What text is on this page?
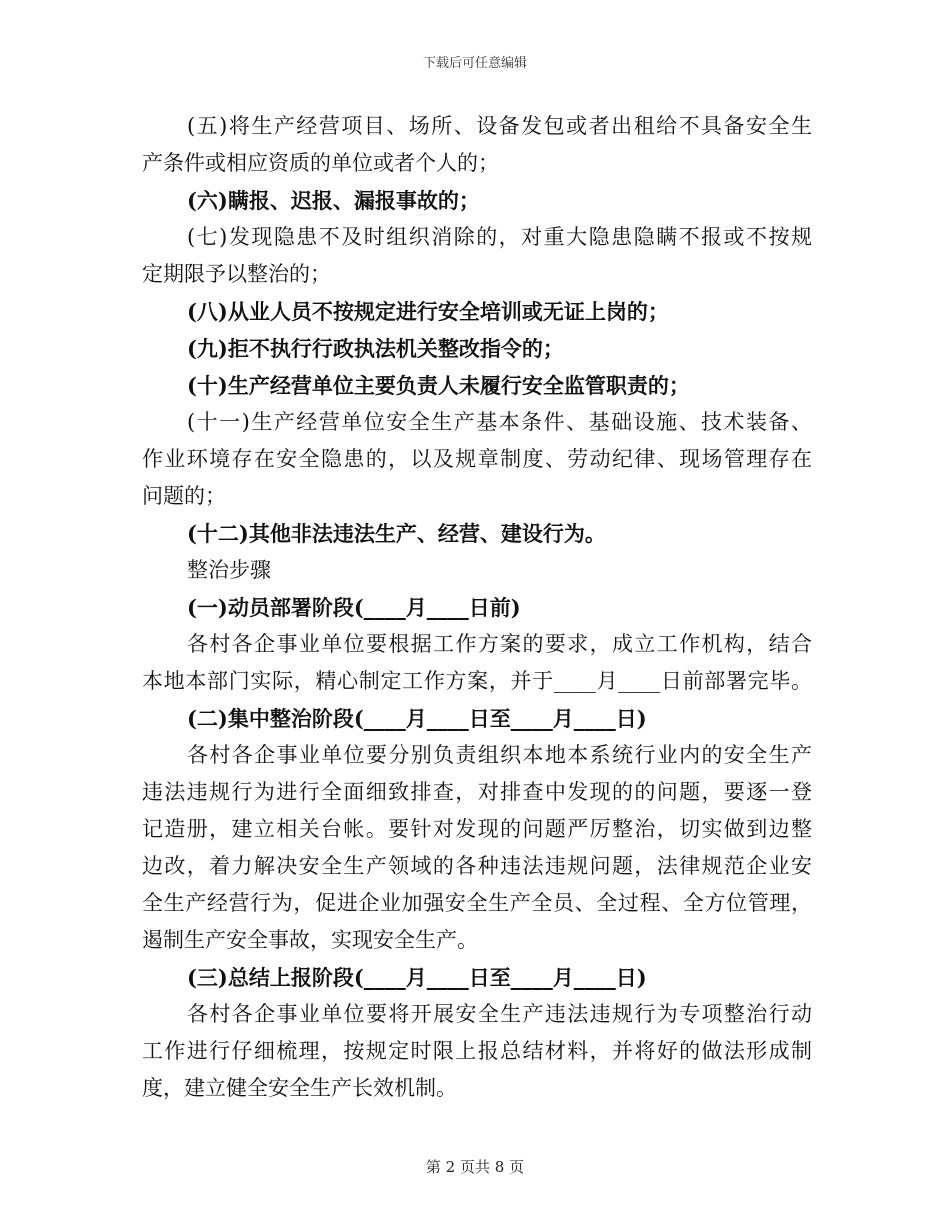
下载后可任意编辑
(五)将生产经营项目、场所、设备发包或者出租给不具备安全生
产条件或相应资质的单位或者个人的；
(六)瞒报、迟报、漏报事故的；
(七)发现隐患不及时组织消除的，对重大隐患隐瞒不报或不按规
定期限予以整治的；
(八)从业人员不按规定进行安全培训或无证上岗的；
(九)拒不执行行政执法机关整改指令的；
(十)生产经营单位主要负责人未履行安全监管职责的；
(十一)生产经营单位安全生产基本条件、基础设施、技术装备、
作业环境存在安全隐患的，以及规章制度、劳动纪律、现场管理存在
问题的；
(十二)其他非法违法生产、经营、建设行为。
整治步骤
(一)动员部署阶段(____月____日前)
各村各企事业单位要根据工作方案的要求，成立工作机构，结合
本地本部门实际，精心制定工作方案，并于____月____日前部署完毕。
(二)集中整治阶段(____月____日至____月____日)
各村各企事业单位要分别负责组织本地本系统行业内的安全生产
违法违规行为进行全面细致排查，对排查中发现的的问题，要逐一登
记造册，建立相关台帐。要针对发现的问题严厉整治，切实做到边整
边改，着力解决安全生产领域的各种违法违规问题，法律规范企业安
全生产经营行为，促进企业加强安全生产全员、全过程、全方位管理，
遏制生产安全事故，实现安全生产。
(三)总结上报阶段(____月____日至____月____日)
各村各企事业单位要将开展安全生产违法违规行为专项整治行动
工作进行仔细梳理，按规定时限上报总结材料，并将好的做法形成制
度，建立健全安全生产长效机制。
第 2 页共 8 页
